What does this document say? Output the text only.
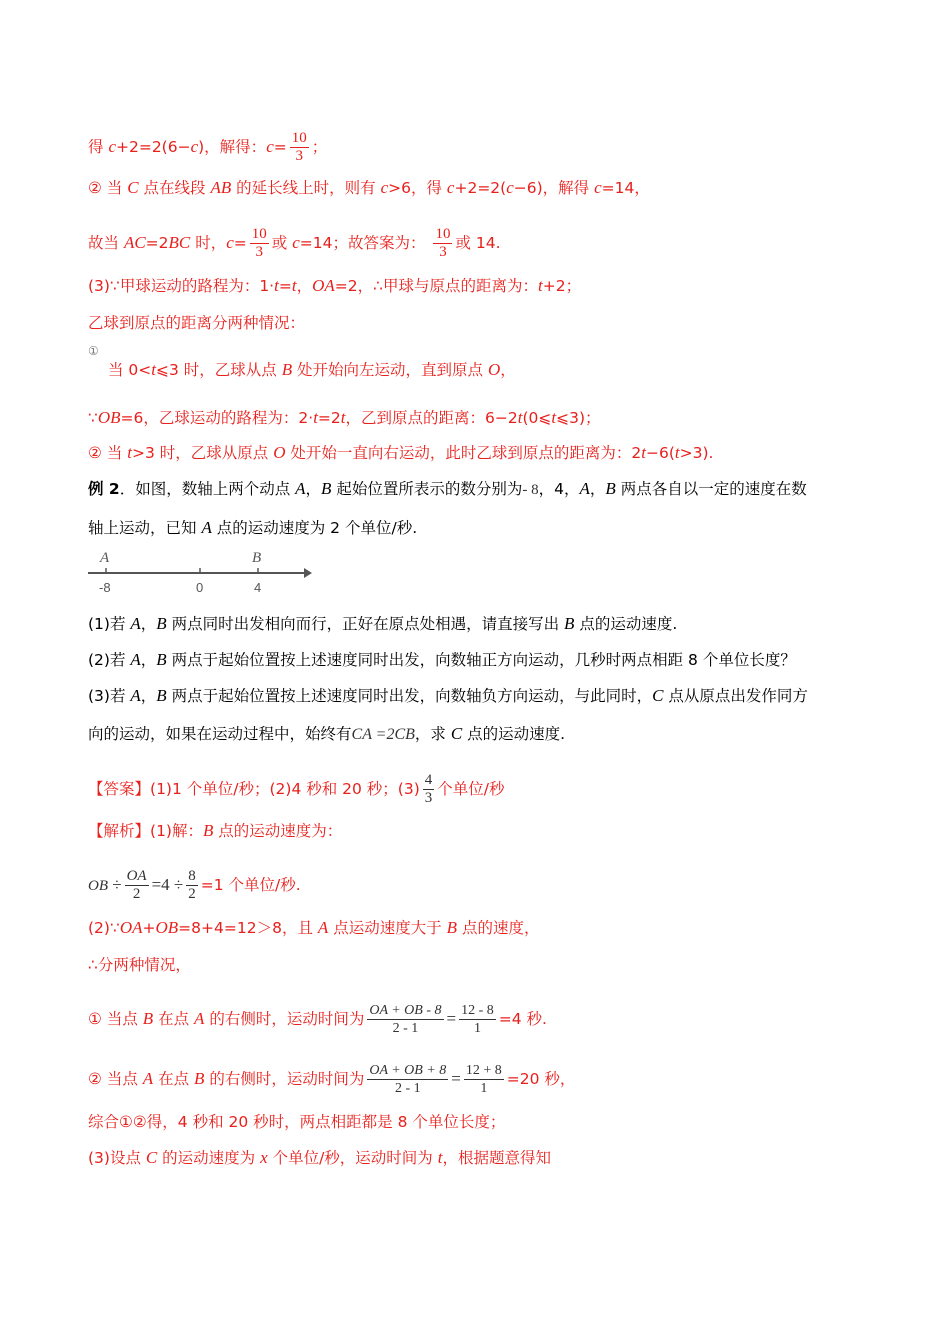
得 c+2=2(6−c)，解得：$c= \frac{10}{3}$ ；
② 当 C 点在线段 AB 的延长线上时，则有 c>6，得 c+2=2(c−6)，解得 c=14，
故当 AC=2BC 时，$c= \frac{10}{3}$ 或 c=14；故答案为： $\frac{10}{3}$ 或 14.
(3)∵甲球运动的路程为：1·t=t，OA=2，∴甲球与原点的距离为：t+2；
乙球到原点的距离分两种情况：
①
当 0<t⩽3 时，乙球从点 B 处开始向左运动，直到原点 O，
∵OB=6，乙球运动的路程为：2·t=2t，乙到原点的距离：6−2t(0⩽t⩽3)；
② 当 t>3 时，乙球从原点 O 处开始一直向右运动，此时乙球到原点的距离为：2t−6(t>3).
例 2．如图，数轴上两个动点 A，B 起始位置所表示的数分别为- 8，4，A，B 两点各自以一定的速度在数
轴上运动，已知 A 点的运动速度为 2 个单位/秒.
A	B
-8	0	4
(1)若 A，B 两点同时出发相向而行，正好在原点处相遇，请直接写出 B 点的运动速度.
(2)若 A，B 两点于起始位置按上述速度同时出发，向数轴正方向运动，几秒时两点相距 8 个单位长度？
(3)若 A，B 两点于起始位置按上述速度同时出发，向数轴负方向运动，与此同时，C 点从原点出发作同方
向的运动，如果在运动过程中，始终有CA =2CB，求 C 点的运动速度.
【答案】(1)1 个单位/秒；(2)4 秒和 20 秒；$(3) \frac{4}{3}$ 个单位/秒
【解析】(1)解：B 点的运动速度为：
OB ÷ $\frac{OA}{2} =4 \div \frac{8}{2} =1$ 个单位/秒.
(2)∵OA+OB=8+4=12＞8，且 A 点运动速度大于 B 点的速度，
∴分两种情况，
① 当点 B 在点 A 的右侧时，运动时间为 $\frac{OA + OB - 8}{2 - 1} = \frac{12 - 8}{1} =4$ 秒.
② 当点 A 在点 B 的右侧时，运动时间为 $\frac{OA + OB + 8}{2 - 1} = \frac{12 + 8}{1} =20$ 秒，
综合①②得，4 秒和 20 秒时，两点相距都是 8 个单位长度；
(3)设点 C 的运动速度为 x 个单位/秒，运动时间为 t，根据题意得知
